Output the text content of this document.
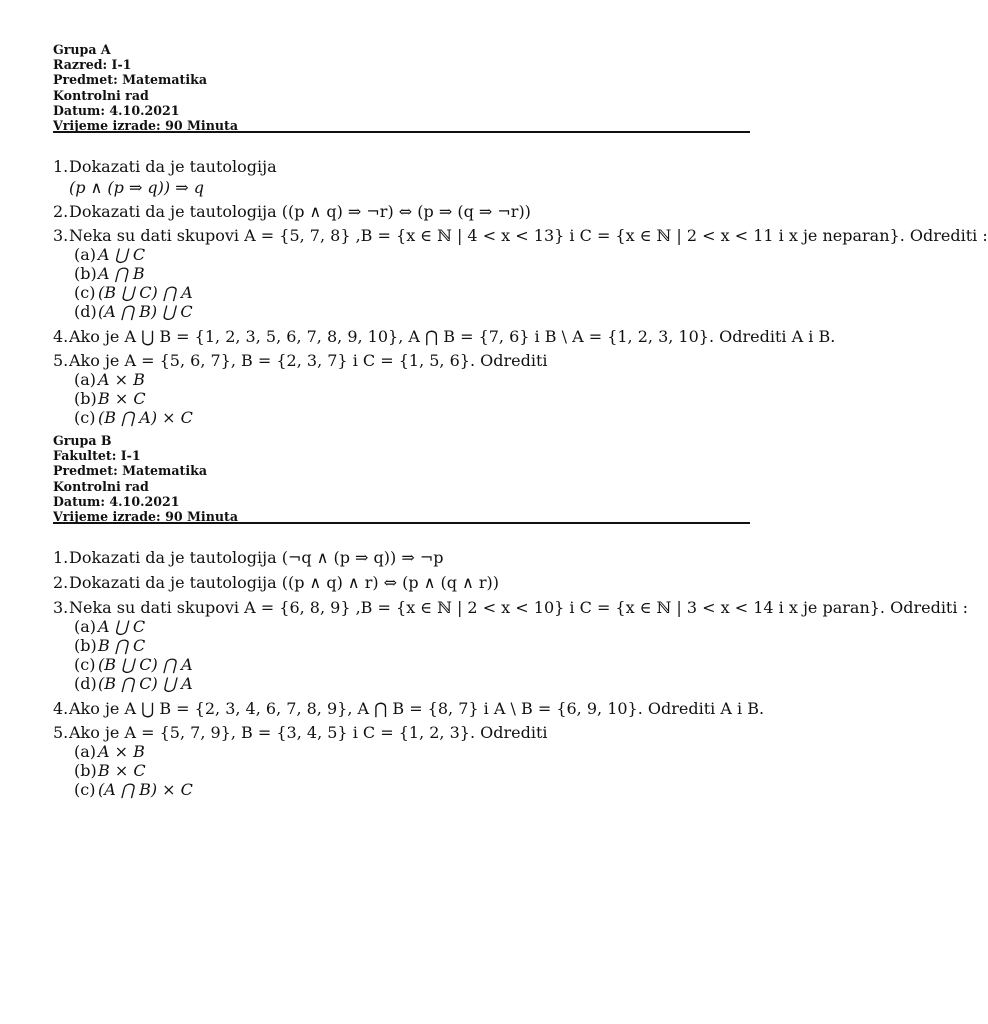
Grupa A
Razred: I-1
Predmet: Matematika
Kontrolni rad
Datum: 4.10.2021
Vrijeme izrade: 90 Minuta
1.Dokazati da je tautologija
(p ∧ (p ⇒ q)) ⇒ q
2.Dokazati da je tautologija ((p ∧ q) ⇒ ¬r) ⇔ (p ⇒ (q ⇒ ¬r))
3.Neka su dati skupovi A = {5, 7, 8} ,B = {x ∈ ℕ | 4 < x < 13} i C = {x ∈ ℕ | 2 < x < 11 i x je neparan}. Odrediti :
(a) A ⋃ C
(b)A ⋂ B
(c) (B ⋃ C) ⋂ A
(d)(A ⋂ B) ⋃ C
4.Ako je A ⋃ B = {1, 2, 3, 5, 6, 7, 8, 9, 10}, A ⋂ B = {7, 6} i B \ A = {1, 2, 3, 10}. Odrediti A i B.
5.Ako je A = {5, 6, 7}, B = {2, 3, 7} i C = {1, 5, 6}. Odrediti
(a) A × B
(b)B × C
(c) (B ⋂ A) × C
Grupa B
Fakultet: I-1
Predmet: Matematika
Kontrolni rad
Datum: 4.10.2021
Vrijeme izrade: 90 Minuta
1.Dokazati da je tautologija (¬q ∧ (p ⇒ q)) ⇒ ¬p
2.Dokazati da je tautologija ((p ∧ q) ∧ r) ⇔ (p ∧ (q ∧ r))
3.Neka su dati skupovi A = {6, 8, 9} ,B = {x ∈ ℕ | 2 < x < 10} i C = {x ∈ ℕ | 3 < x < 14 i x je paran}. Odrediti :
(a) A ⋃ C
(b)B ⋂ C
(c) (B ⋃ C) ⋂ A
(d)(B ⋂ C) ⋃ A
4.Ako je A ⋃ B = {2, 3, 4, 6, 7, 8, 9}, A ⋂ B = {8, 7} i A \ B = {6, 9, 10}. Odrediti A i B.
5.Ako je A = {5, 7, 9}, B = {3, 4, 5} i C = {1, 2, 3}. Odrediti
(a) A × B
(b)B × C
(c) (A ⋂ B) × C
